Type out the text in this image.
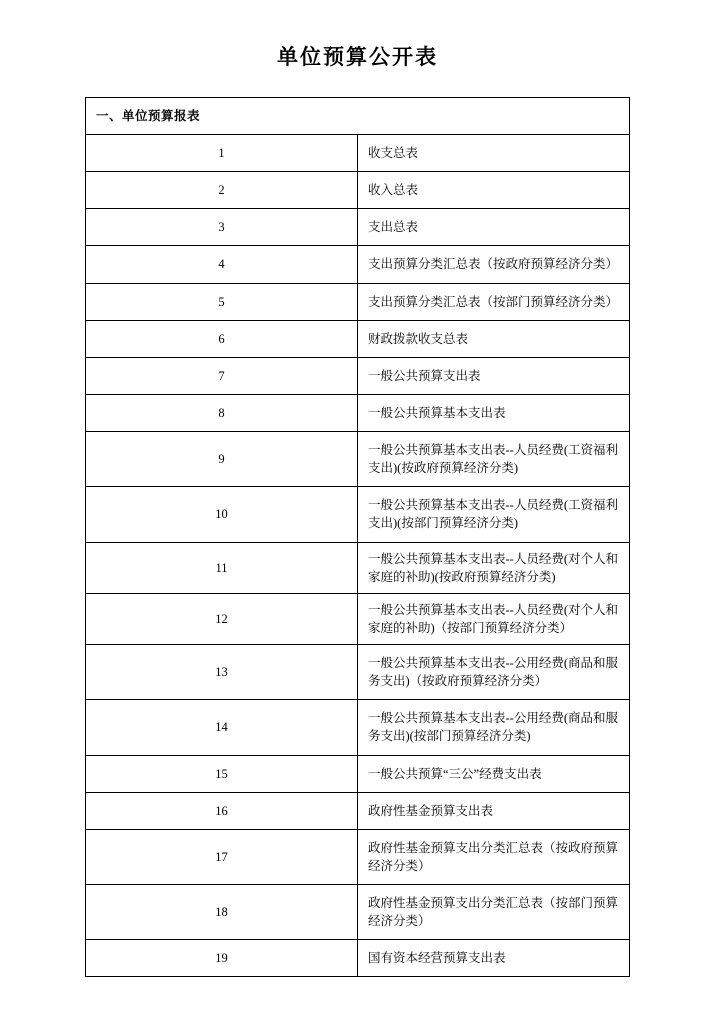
单位预算公开表
一、单位预算报表	
1	收支总表
2	收入总表
3	支出总表
4	支出预算分类汇总表（按政府预算经济分类）
5	支出预算分类汇总表（按部门预算经济分类）
6	财政拨款收支总表
7	一般公共预算支出表
8	一般公共预算基本支出表
9	一般公共预算基本支出表--人员经费(工资福利支出)(按政府预算经济分类)
10	一般公共预算基本支出表--人员经费(工资福利支出)(按部门预算经济分类)
11	一般公共预算基本支出表--人员经费(对个人和家庭的补助)(按政府预算经济分类)
12	一般公共预算基本支出表--人员经费(对个人和家庭的补助)（按部门预算经济分类）
13	一般公共预算基本支出表--公用经费(商品和服务支出)（按政府预算经济分类）
14	一般公共预算基本支出表--公用经费(商品和服务支出)(按部门预算经济分类)
15	一般公共预算“三公”经费支出表
16	政府性基金预算支出表
17	政府性基金预算支出分类汇总表（按政府预算经济分类）
18	政府性基金预算支出分类汇总表（按部门预算经济分类）
19	国有资本经营预算支出表
